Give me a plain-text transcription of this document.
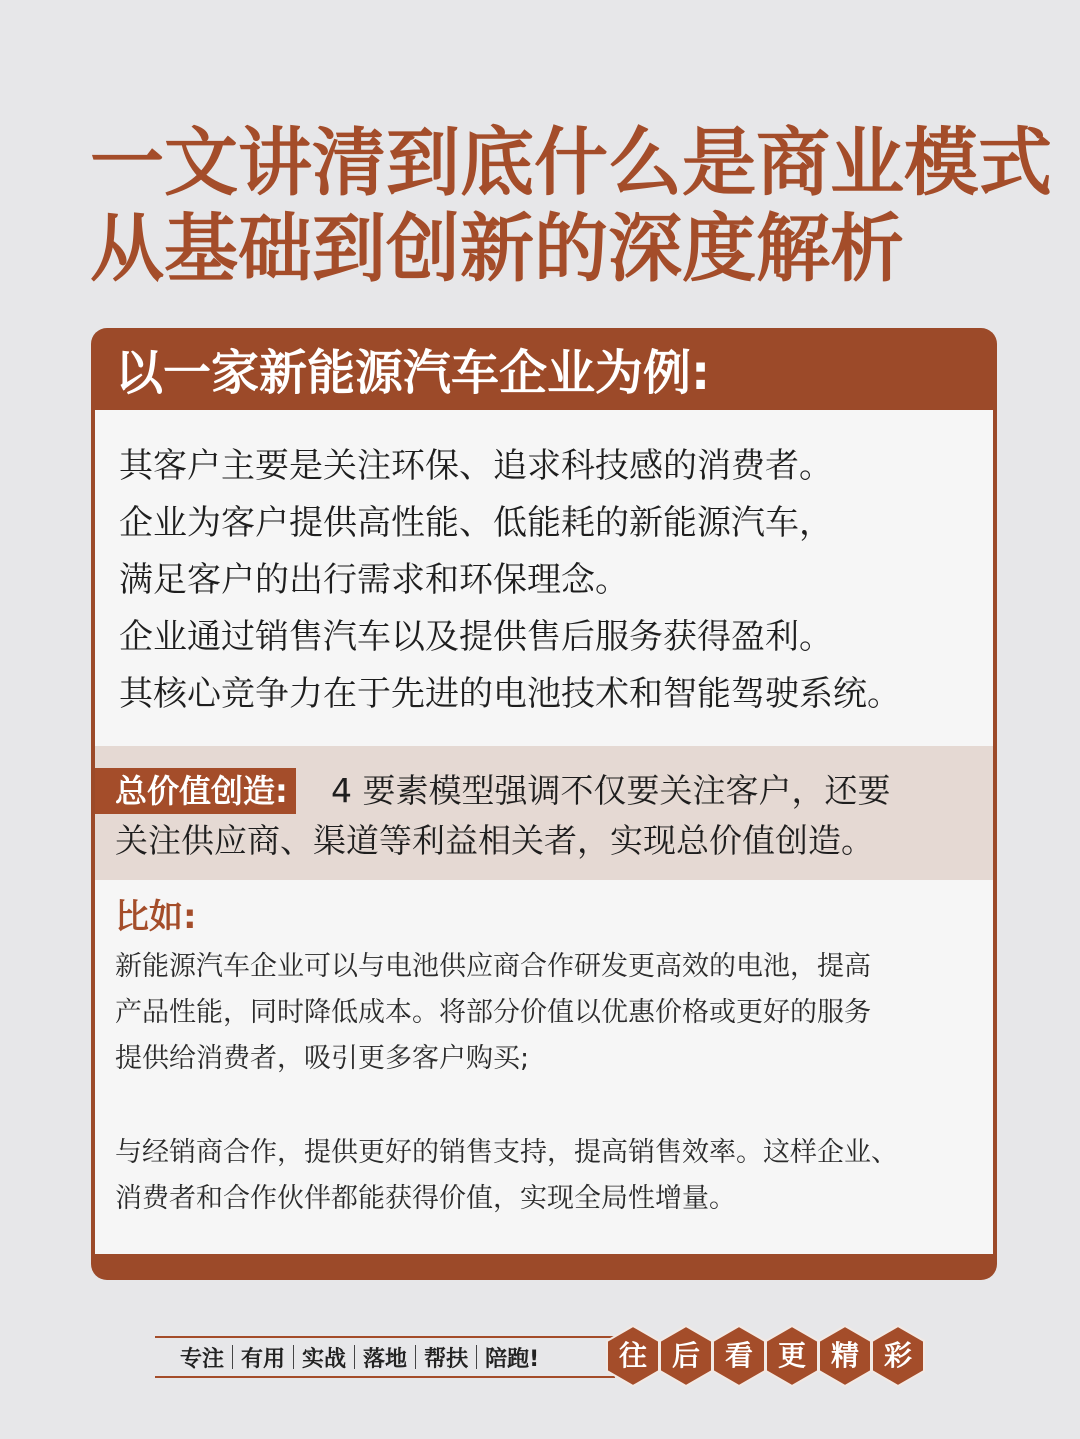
一文讲清到底什么是商业模式
从基础到创新的深度解析
以一家新能源汽车企业为例:
其客户主要是关注环保、追求科技感的消费者。
企业为客户提供高性能、低能耗的新能源汽车，
满足客户的出行需求和环保理念。
企业通过销售汽车以及提供售后服务获得盈利。
其核心竞争力在于先进的电池技术和智能驾驶系统。
总价值创造: 4 要素模型强调不仅要关注客户，还要
关注供应商、渠道等利益相关者，实现总价值创造。
比如:
新能源汽车企业可以与电池供应商合作研发更高效的电池，提高
产品性能，同时降低成本。将部分价值以优惠价格或更好的服务
提供给消费者，吸引更多客户购买;
与经销商合作，提供更好的销售支持，提高销售效率。这样企业、
消费者和合作伙伴都能获得价值，实现全局性增量。
专注 有用 实战 落地 帮扶 陪跑!	往 后 看 更 精 彩
